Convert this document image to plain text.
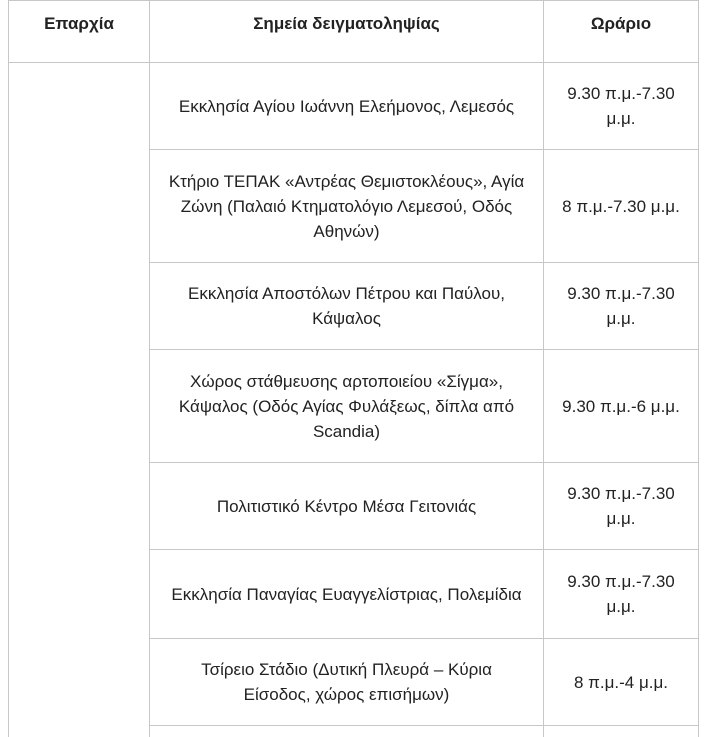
Επαρχία	Σημεία δειγματοληψίας	Ωράριο
	Εκκλησία Αγίου Ιωάννη Ελεήμονος, Λεμεσός	9.30 π.μ.-7.30 μ.μ.
	Κτήριο ΤΕΠΑΚ «Αντρέας Θεμιστοκλέους», Αγία Ζώνη (Παλαιό Κτηματολόγιο Λεμεσού, Οδός Αθηνών)	8 π.μ.-7.30 μ.μ.
	Εκκλησία Αποστόλων Πέτρου και Παύλου, Κάψαλος	9.30 π.μ.-7.30 μ.μ.
	Χώρος στάθμευσης αρτοποιείου «Σίγμα», Κάψαλος (Οδός Αγίας Φυλάξεως, δίπλα από Scandia)	9.30 π.μ.-6 μ.μ.
	Πολιτιστικό Κέντρο Μέσα Γειτονιάς	9.30 π.μ.-7.30 μ.μ.
	Εκκλησία Παναγίας Ευαγγελίστριας, Πολεμίδια	9.30 π.μ.-7.30 μ.μ.
	Τσίρειο Στάδιο (Δυτική Πλευρά – Κύρια Είσοδος, χώρος επισήμων)	8 π.μ.-4 μ.μ.
